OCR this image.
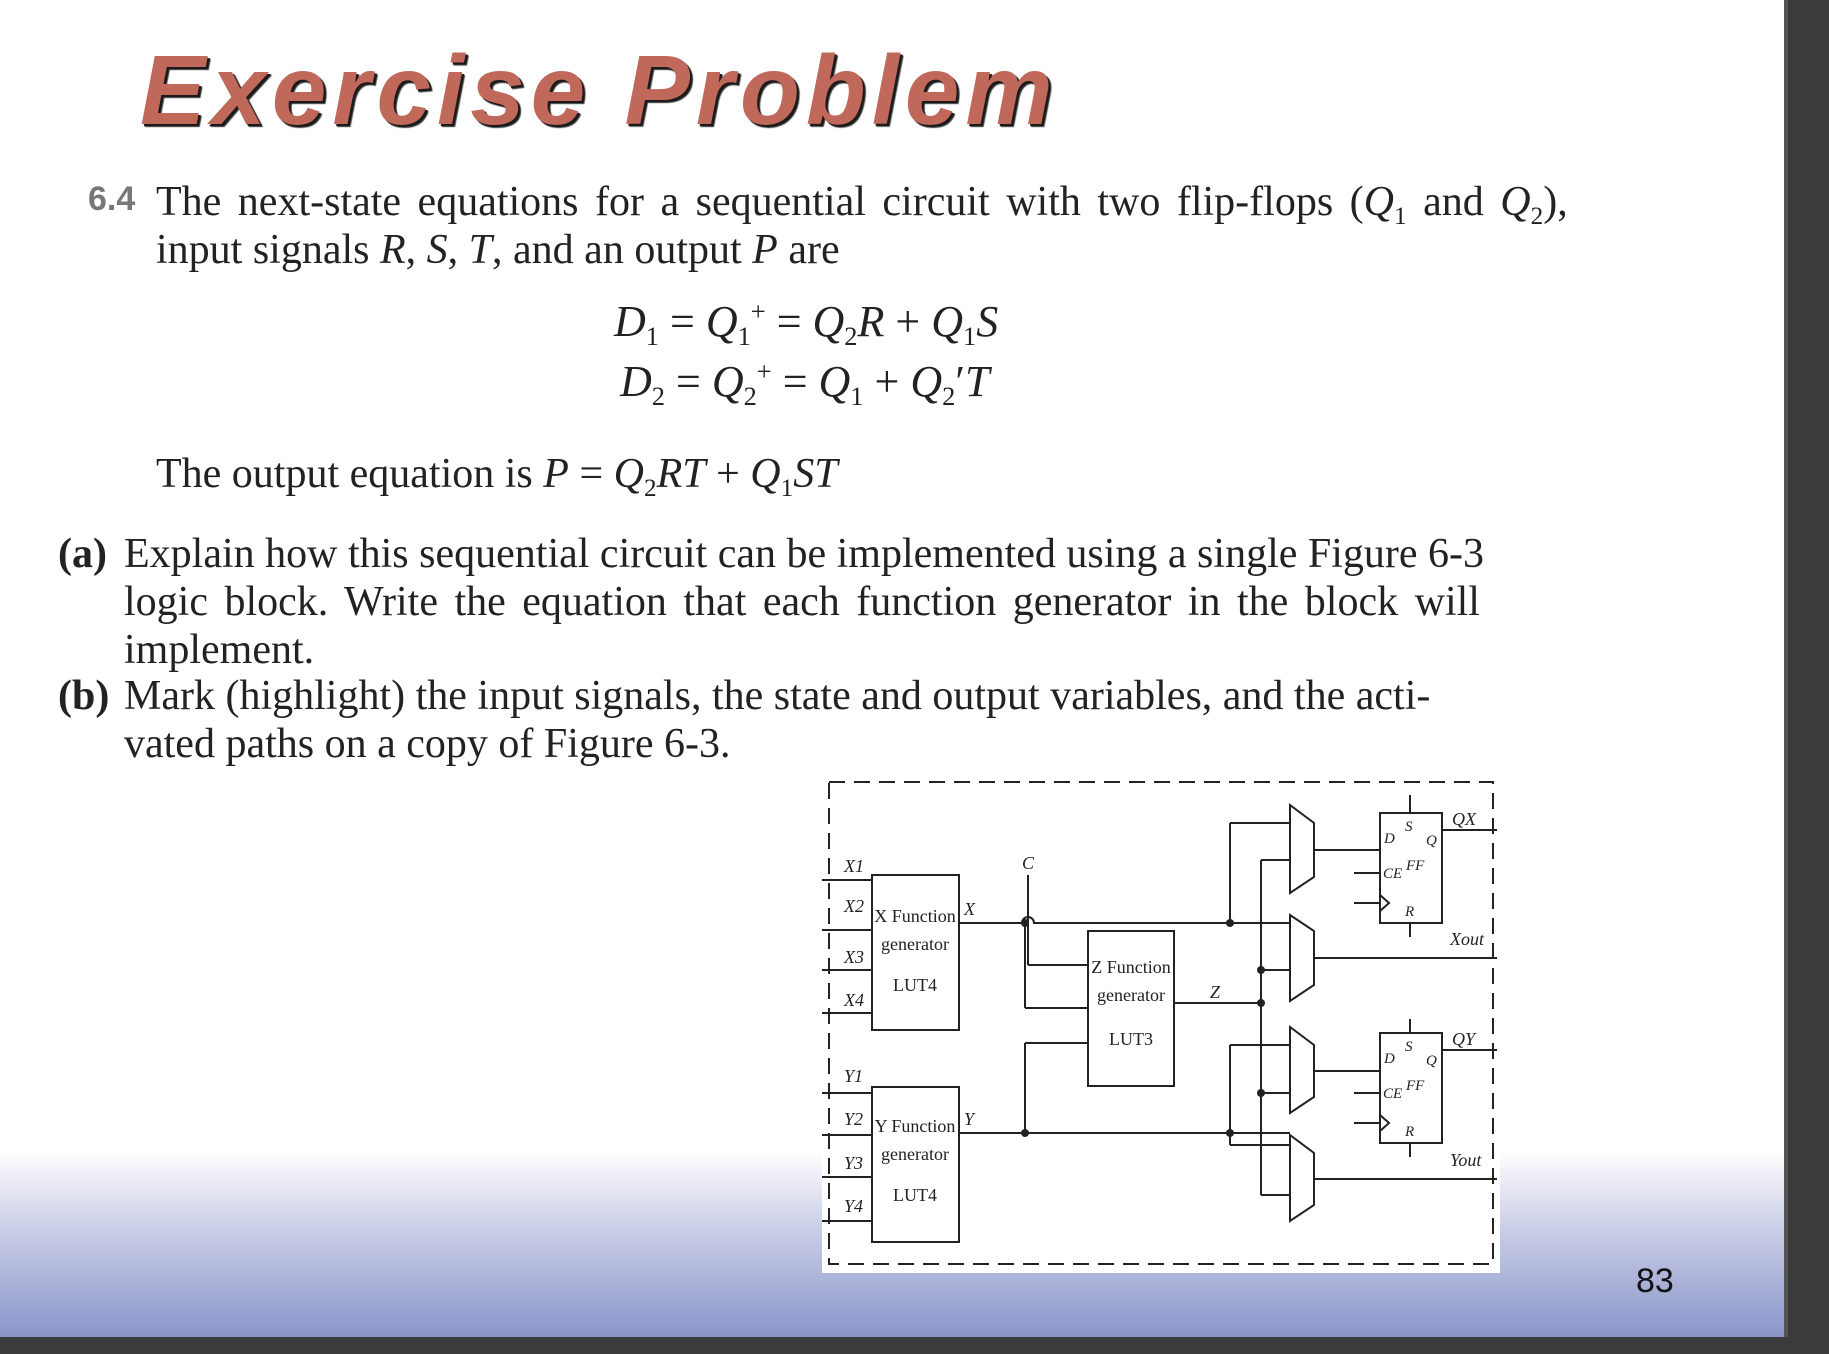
Exercise Problem
6.4 The next-state equations for a sequential circuit with two flip-flops ($Q_1$ and $Q_2$),

input signals R, S, T, and an output P are

$D_1 = Q_1^+ = Q_2R + Q_1S$

$D_2 = Q_2^+ = Q_1 + Q_2'T$

The output equation is $P = Q_2RT + Q_1ST$

(a) Explain how this sequential circuit can be implemented using a single Figure 6-3

logic block. Write the equation that each function generator in the block will

implement.

(b) Mark (highlight) the input signals, the state and output variables, and the acti-

vated paths on a copy of Figure 6-3.

X1
X2
X3
X4
Y1
Y2
Y3
Y4
X
Y
Z
C
X Function
generator
LUT4
Y Function
generator
LUT4
Z Function
generator
LUT3
D
S
Q
CE FF
R
D
S
Q
CE FF
R
QX
Xout
QY
Yout
83
